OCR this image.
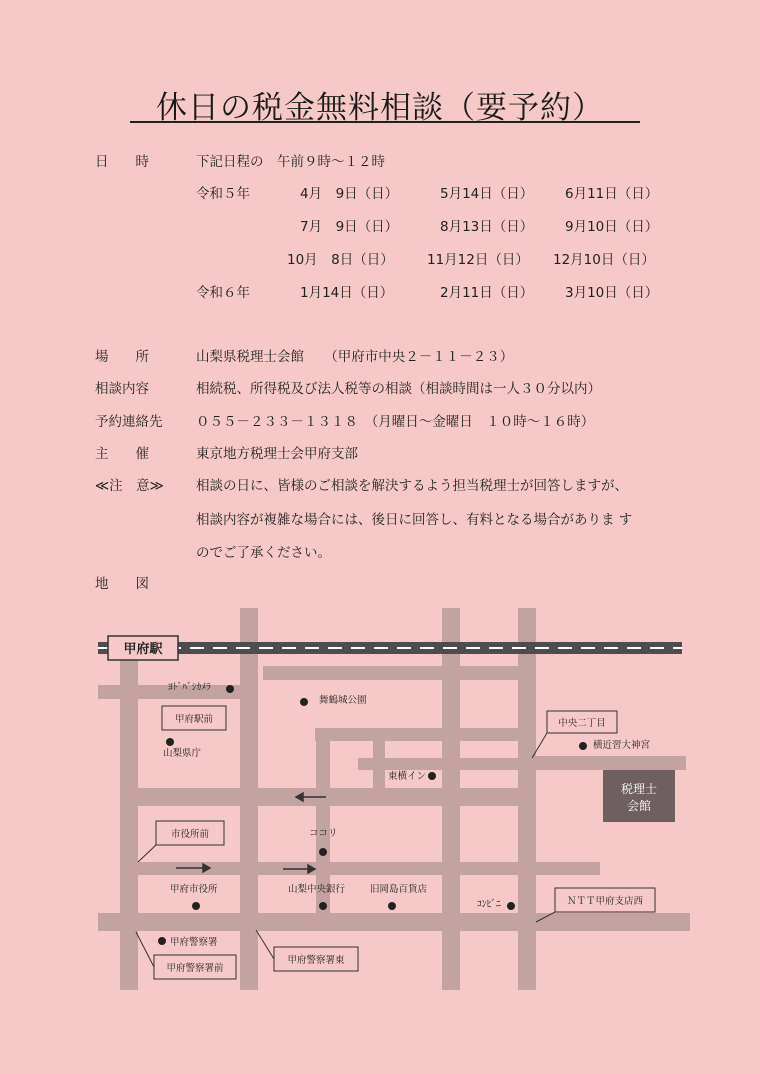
休日の税金無料相談（要予約）
日　　時	下記日程の　午前９時～１２時
令和５年	4月　9日（日）	5月14日（日） 6月11日（日）
7月　9日（日）	8月13日（日） 9月10日（日）
10月　8日（日） 11月12日（日） 12月10日（日）
令和６年	1月14日（日）	2月11日（日） 3月10日（日）
場　　所	山梨県税理士会館　　（甲府市中央２－１１－２３）
相談内容	相続税、所得税及び法人税等の相談（相談時間は一人３０分以内）
予約連絡先 ０５５－２３３－１３１８　（月曜日～金曜日　１０時～１６時）
主　　催	東京地方税理士会甲府支部
≪注　意≫ 相談の日に、皆様のご相談を解決するよう担当税理士が回答しますが、
相談内容が複雑な場合には、後日に回答し、有料となる場合がありま す
のでご了承ください。
地　　図
甲府駅
税理士
会館
ﾖﾄﾞﾊﾞｼｶﾒﾗ
舞鶴城公園
山梨県庁
横近習大神宮
東横イン
ココリ
甲府市役所	山梨中央銀行	旧岡島百貨店
ｺﾝﾋﾞﾆ
甲府警察署
甲府駅前	中央二丁目
市役所前
ＮＴＴ甲府支店西
甲府警察署東
甲府警察署前
